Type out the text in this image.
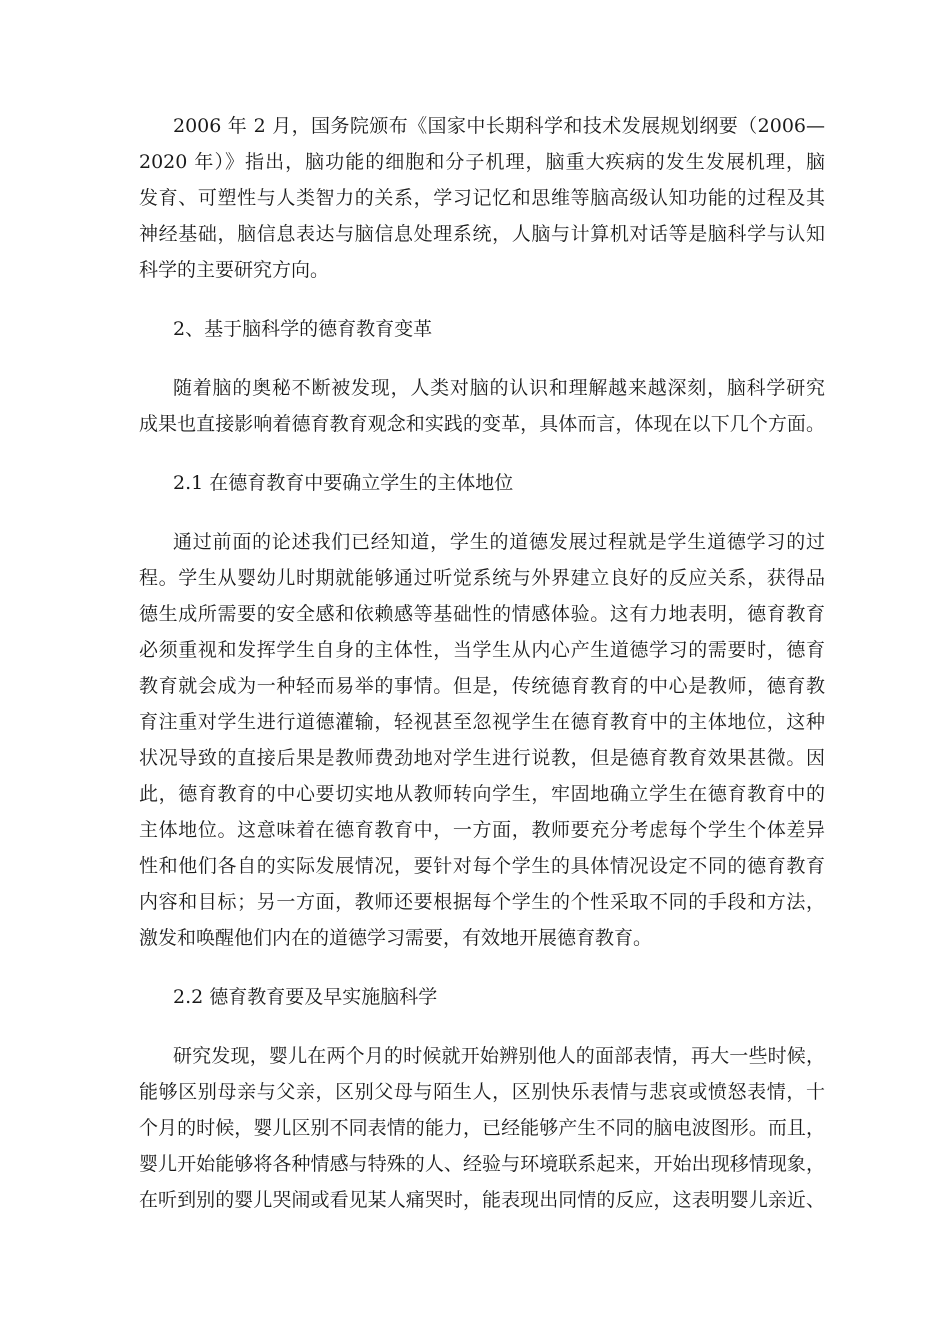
2006 年 2 月，国务院颁布《国家中长期科学和技术发展规划纲要（2006—
2020 年）》指出，脑功能的细胞和分子机理，脑重大疾病的发生发展机理，脑
发育、可塑性与人类智力的关系，学习记忆和思维等脑高级认知功能的过程及其
神经基础，脑信息表达与脑信息处理系统，人脑与计算机对话等是脑科学与认知
科学的主要研究方向。
2、基于脑科学的德育教育变革
随着脑的奥秘不断被发现，人类对脑的认识和理解越来越深刻，脑科学研究
成果也直接影响着德育教育观念和实践的变革，具体而言，体现在以下几个方面。
2.1 在德育教育中要确立学生的主体地位
通过前面的论述我们已经知道，学生的道德发展过程就是学生道德学习的过
程。学生从婴幼儿时期就能够通过听觉系统与外界建立良好的反应关系，获得品
德生成所需要的安全感和依赖感等基础性的情感体验。这有力地表明，德育教育
必须重视和发挥学生自身的主体性，当学生从内心产生道德学习的需要时，德育
教育就会成为一种轻而易举的事情。但是，传统德育教育的中心是教师，德育教
育注重对学生进行道德灌输，轻视甚至忽视学生在德育教育中的主体地位，这种
状况导致的直接后果是教师费劲地对学生进行说教，但是德育教育效果甚微。因
此，德育教育的中心要切实地从教师转向学生，牢固地确立学生在德育教育中的
主体地位。这意味着在德育教育中，一方面，教师要充分考虑每个学生个体差异
性和他们各自的实际发展情况，要针对每个学生的具体情况设定不同的德育教育
内容和目标；另一方面，教师还要根据每个学生的个性采取不同的手段和方法，
激发和唤醒他们内在的道德学习需要，有效地开展德育教育。
2.2 德育教育要及早实施脑科学
研究发现，婴儿在两个月的时候就开始辨别他人的面部表情，再大一些时候，
能够区别母亲与父亲，区别父母与陌生人，区别快乐表情与悲哀或愤怒表情，十
个月的时候，婴儿区别不同表情的能力，已经能够产生不同的脑电波图形。而且，
婴儿开始能够将各种情感与特殊的人、经验与环境联系起来，开始出现移情现象，
在听到别的婴儿哭闹或看见某人痛哭时，能表现出同情的反应，这表明婴儿亲近、
